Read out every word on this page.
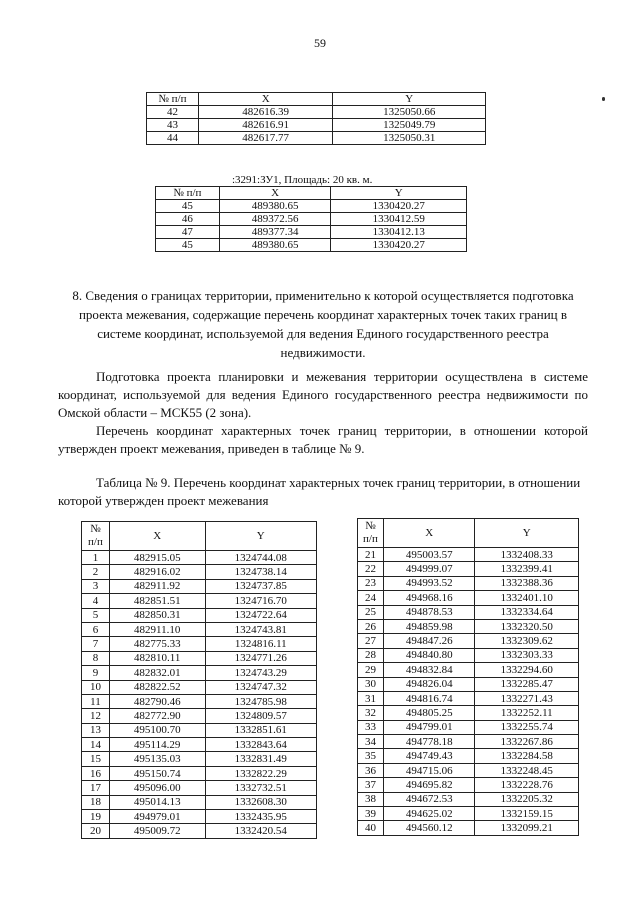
59
№ п/п	X	Y
42	482616.39	1325050.66
43	482616.91	1325049.79
44	482617.77	1325050.31
:3291:ЗУ1, Площадь: 20 кв. м.
№ п/п	X	Y
45	489380.65	1330420.27
46	489372.56	1330412.59
47	489377.34	1330412.13
45	489380.65	1330420.27
8. Сведения о границах территории, применительно к которой осуществляется подготовка проекта межевания, содержащие перечень координат характерных точек таких границ в системе координат, используемой для ведения Единого государственного реестра недвижимости.
Подготовка проекта планировки и межевания территории осуществлена в системе координат, используемой для ведения Единого государственного реестра недвижимости по Омской области – МСК55 (2 зона).
Перечень координат характерных точек границ территории, в отношении которой утвержден проект межевания, приведен в таблице № 9.
Таблица № 9. Перечень координат характерных точек границ территории, в отношении которой утвержден проект межевания
№
п/п	X	Y
1	482915.05	1324744.08
2	482916.02	1324738.14
3	482911.92	1324737.85
4	482851.51	1324716.70
5	482850.31	1324722.64
6	482911.10	1324743.81
7	482775.33	1324816.11
8	482810.11	1324771.26
9	482832.01	1324743.29
10	482822.52	1324747.32
11	482790.46	1324785.98
12	482772.90	1324809.57
13	495100.70	1332851.61
14	495114.29	1332843.64
15	495135.03	1332831.49
16	495150.74	1332822.29
17	495096.00	1332732.51
18	495014.13	1332608.30
19	494979.01	1332435.95
20	495009.72	1332420.54
№
п/п	X	Y
21	495003.57	1332408.33
22	494999.07	1332399.41
23	494993.52	1332388.36
24	494968.16	1332401.10
25	494878.53	1332334.64
26	494859.98	1332320.50
27	494847.26	1332309.62
28	494840.80	1332303.33
29	494832.84	1332294.60
30	494826.04	1332285.47
31	494816.74	1332271.43
32	494805.25	1332252.11
33	494799.01	1332255.74
34	494778.18	1332267.86
35	494749.43	1332284.58
36	494715.06	1332248.45
37	494695.82	1332228.76
38	494672.53	1332205.32
39	494625.02	1332159.15
40	494560.12	1332099.21
